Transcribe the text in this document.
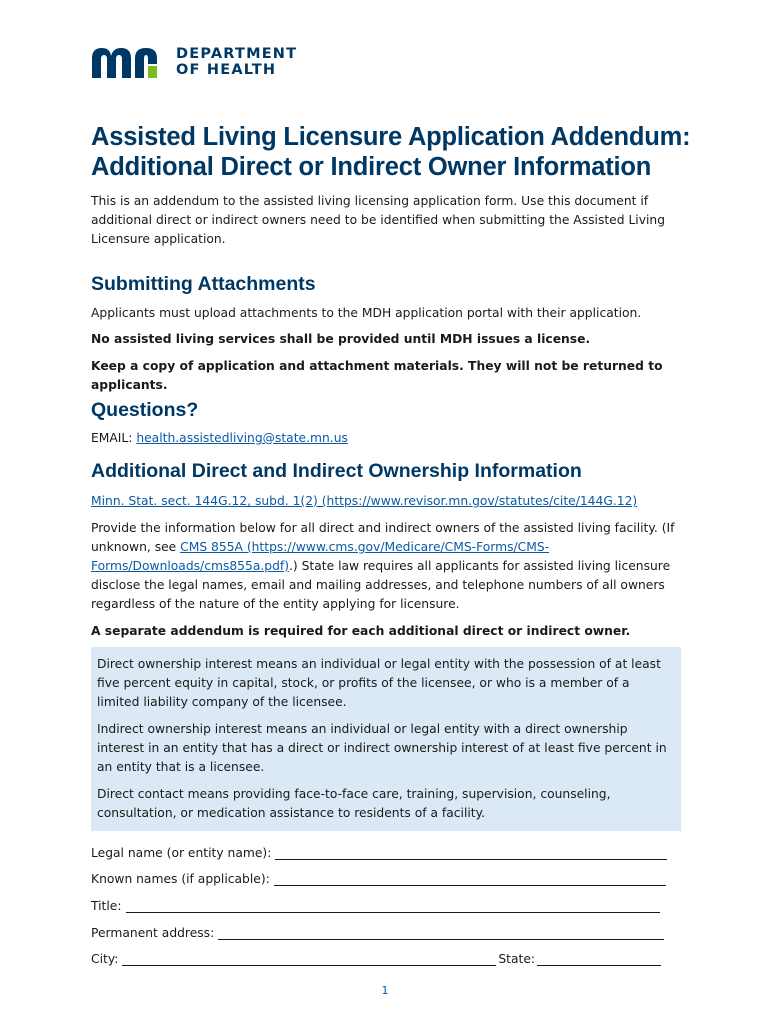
DEPARTMENT
OF HEALTH
Assisted Living Licensure Application Addendum:
Additional Direct or Indirect Owner Information

This is an addendum to the assisted living licensing application form. Use this document if additional direct or indirect owners need to be identified when submitting the Assisted Living Licensure application.

Submitting Attachments

Applicants must upload attachments to the MDH application portal with their application.

No assisted living services shall be provided until MDH issues a license.

Keep a copy of application and attachment materials. They will not be returned to applicants.

Questions?

EMAIL: health.assistedliving@state.mn.us

Additional Direct and Indirect Ownership Information

Minn. Stat. sect. 144G.12, subd. 1(2) (https://www.revisor.mn.gov/statutes/cite/144G.12)

Provide the information below for all direct and indirect owners of the assisted living facility. (If unknown, see CMS 855A (https://www.cms.gov/Medicare/CMS-Forms/CMS-Forms/Downloads/cms855a.pdf).) State law requires all applicants for assisted living licensure disclose the legal names, email and mailing addresses, and telephone numbers of all owners regardless of the nature of the entity applying for licensure.

A separate addendum is required for each additional direct or indirect owner.

Direct ownership interest means an individual or legal entity with the possession of at least five percent equity in capital, stock, or profits of the licensee, or who is a member of a limited liability company of the licensee.

Indirect ownership interest means an individual or legal entity with a direct ownership interest in an entity that has a direct or indirect ownership interest of at least five percent in an entity that is a licensee.

Direct contact means providing face-to-face care, training, supervision, counseling, consultation, or medication assistance to residents of a facility.

Legal name (or entity name):
Known names (if applicable):
Title:
Permanent address:
City:	State:
1
